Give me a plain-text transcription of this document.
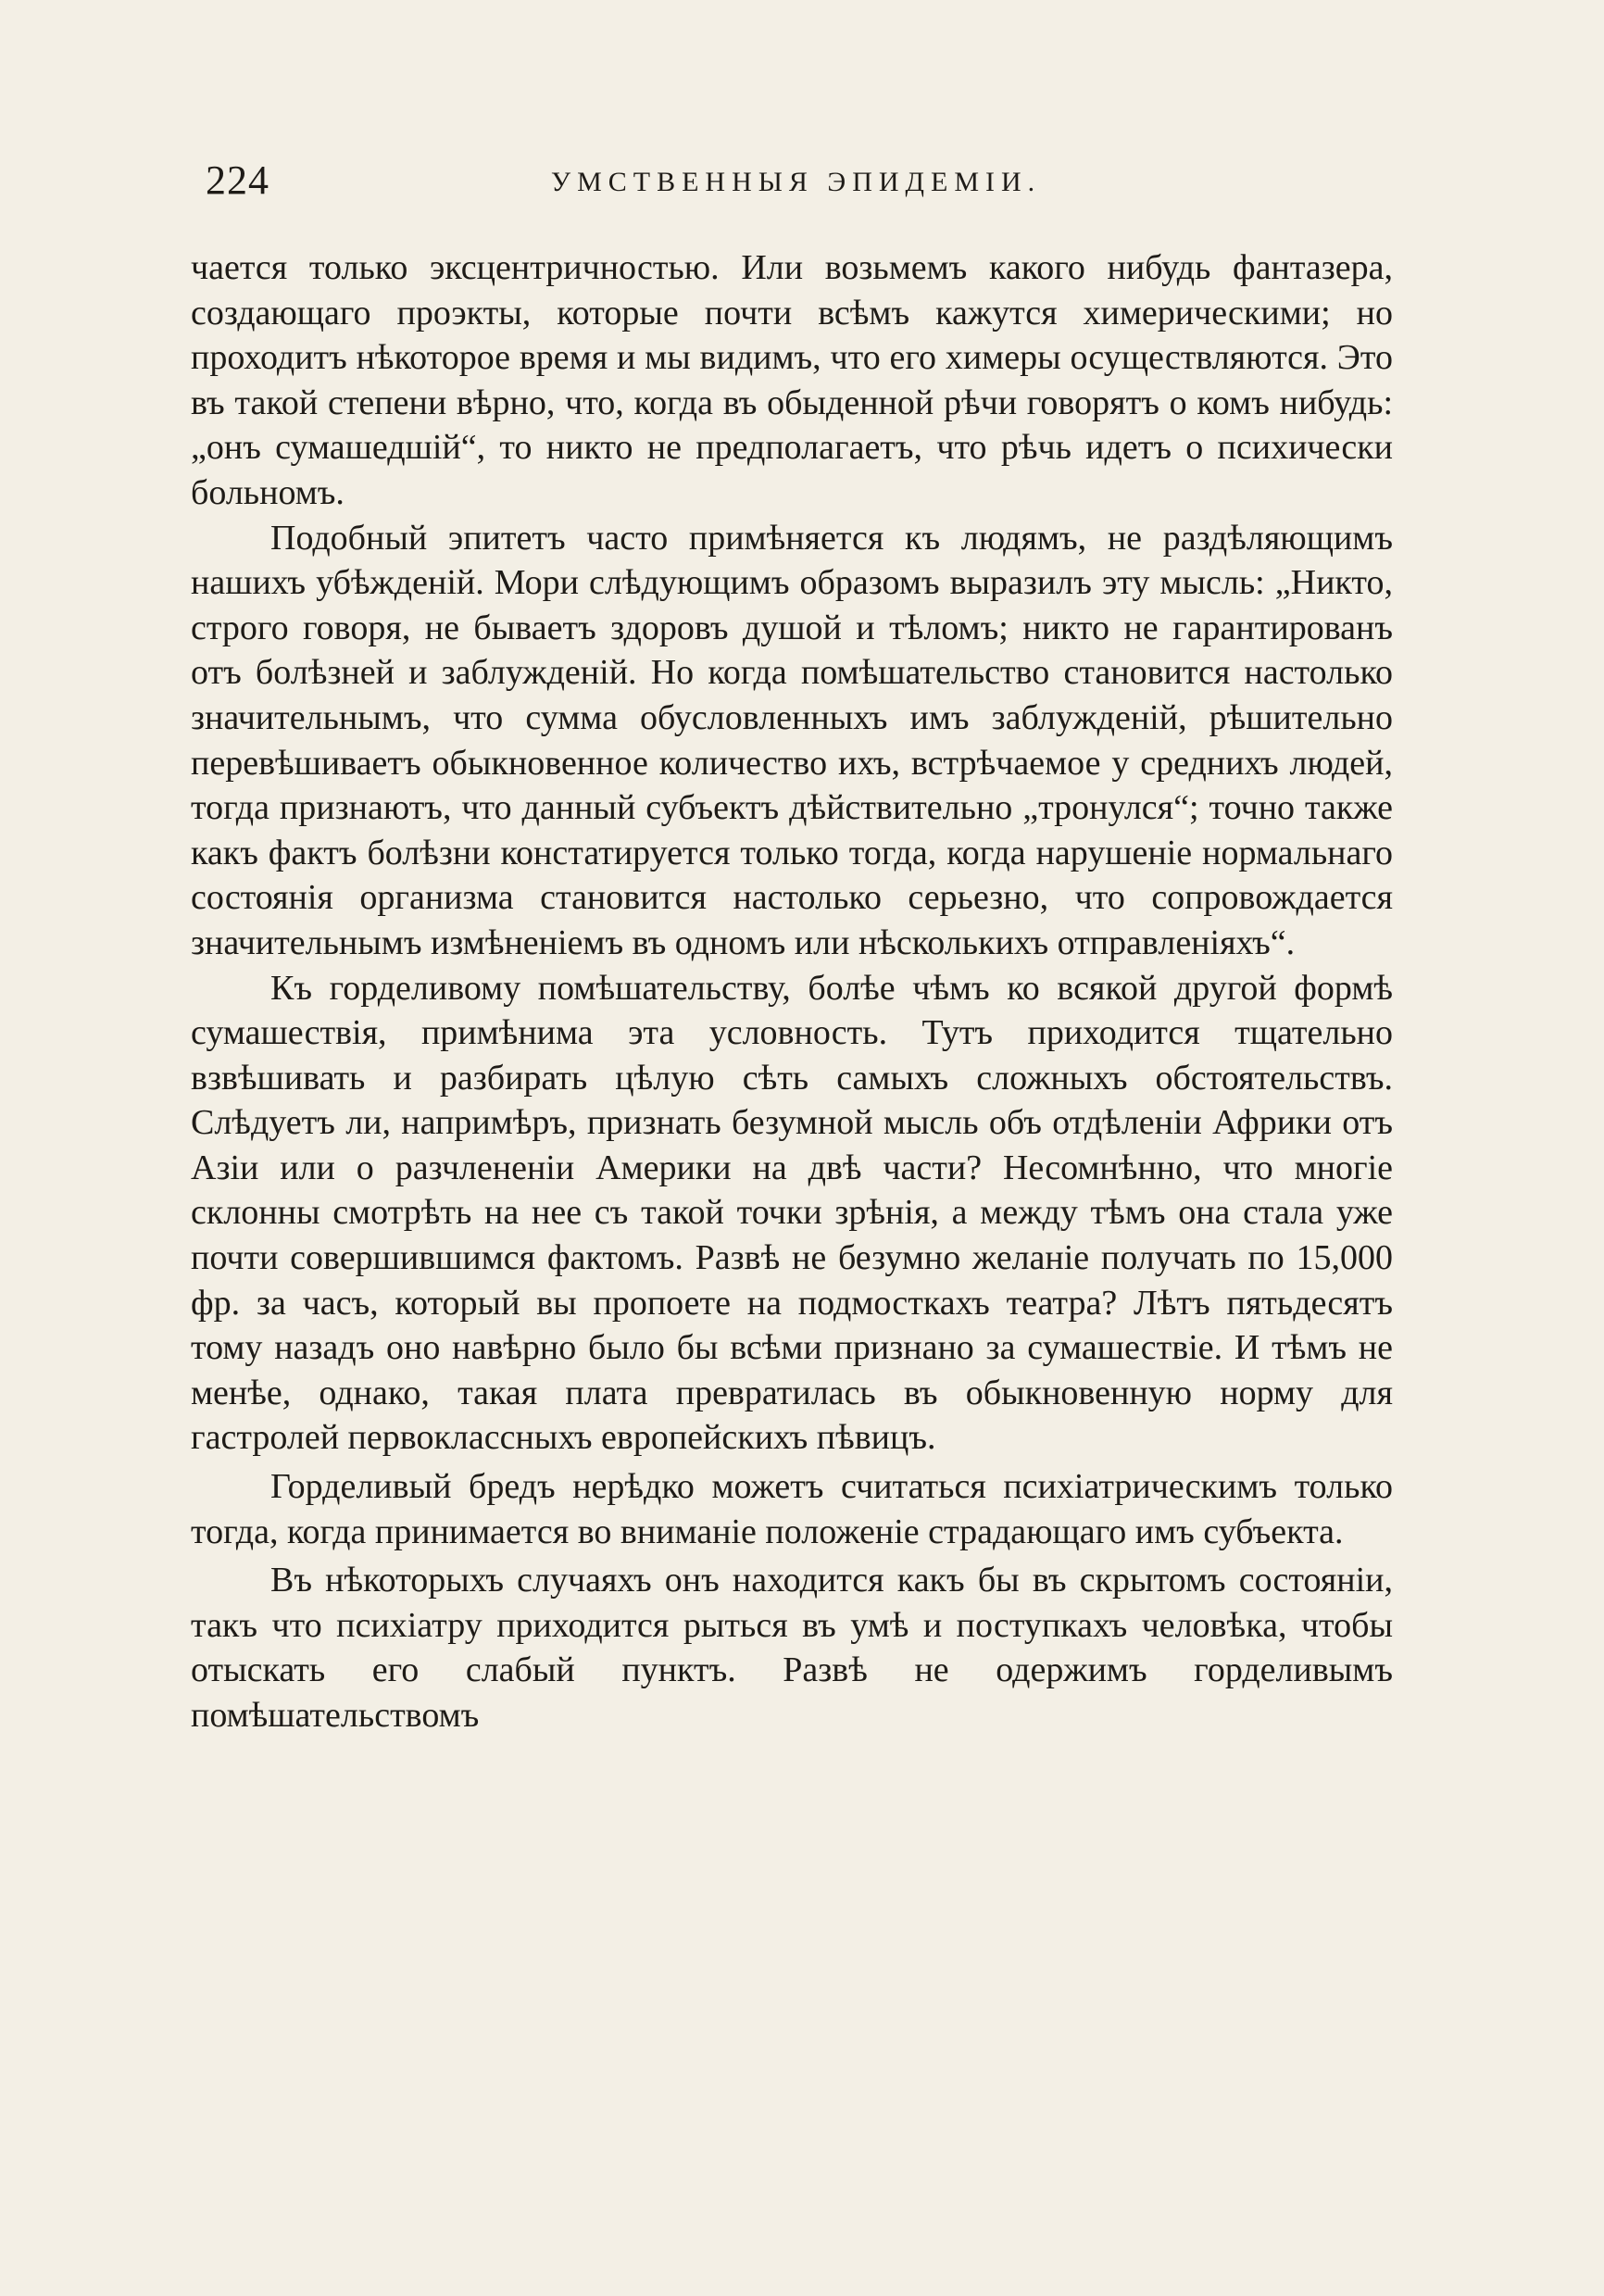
224	УМСТВЕННЫЯ ЭПИДЕМІИ.

чается только эксцентричностью. Или возьмемъ какого нибудь фантазера, создающаго проэкты, которые почти всѣмъ кажутся химерическими; но проходитъ нѣкоторое время и мы видимъ, что его химеры осуществляются. Это въ такой степени вѣрно, что, когда въ обыденной рѣчи говорятъ о комъ нибудь: „онъ сумашедшій“, то никто не предполагаетъ, что рѣчь идетъ о психически больномъ.

Подобный эпитетъ часто примѣняется къ людямъ, не раздѣляющимъ нашихъ убѣжденій. Мори слѣдующимъ образомъ выразилъ эту мысль: „Никто, строго говоря, не бываетъ здоровъ душой и тѣломъ; никто не гарантированъ отъ болѣзней и заблужденій. Но когда помѣшательство становится настолько значительнымъ, что сумма обусловленныхъ имъ заблужденій, рѣшительно перевѣшиваетъ обыкновенное количество ихъ, встрѣчаемое у среднихъ людей, тогда признаютъ, что данный субъектъ дѣйствительно „тронулся“; точно также какъ фактъ болѣзни констатируется только тогда, когда нарушеніе нормальнаго состоянія организма становится настолько серьезно, что сопровождается значительнымъ измѣненіемъ въ одномъ или нѣсколькихъ отправленіяхъ“.

Къ горделивому помѣшательству, болѣе чѣмъ ко всякой другой формѣ сумашествія, примѣнима эта условность. Тутъ приходится тщательно взвѣшивать и разбирать цѣлую сѣть самыхъ сложныхъ обстоятельствъ. Слѣдуетъ ли, напримѣръ, признать безумной мысль объ отдѣленіи Африки отъ Азіи или о разчлененіи Америки на двѣ части? Несомнѣнно, что многіе склонны смотрѣть на нее съ такой точки зрѣнія, а между тѣмъ она стала уже почти совершившимся фактомъ. Развѣ не безумно желаніе получать по 15,000 фр. за часъ, который вы пропоете на подмосткахъ театра? Лѣтъ пятьдесятъ тому назадъ оно навѣрно было бы всѣми признано за сумашествіе. И тѣмъ не менѣе, однако, такая плата превратилась въ обыкновенную норму для гастролей первоклассныхъ европейскихъ пѣвицъ.

Горделивый бредъ нерѣдко можетъ считаться психіатрическимъ только тогда, когда принимается во вниманіе положеніе страдающаго имъ субъекта.

Въ нѣкоторыхъ случаяхъ онъ находится какъ бы въ скрытомъ состояніи, такъ что психіатру приходится рыться въ умѣ и поступкахъ человѣка, чтобы отыскать его слабый пунктъ. Развѣ не одержимъ горделивымъ помѣшательствомъ
